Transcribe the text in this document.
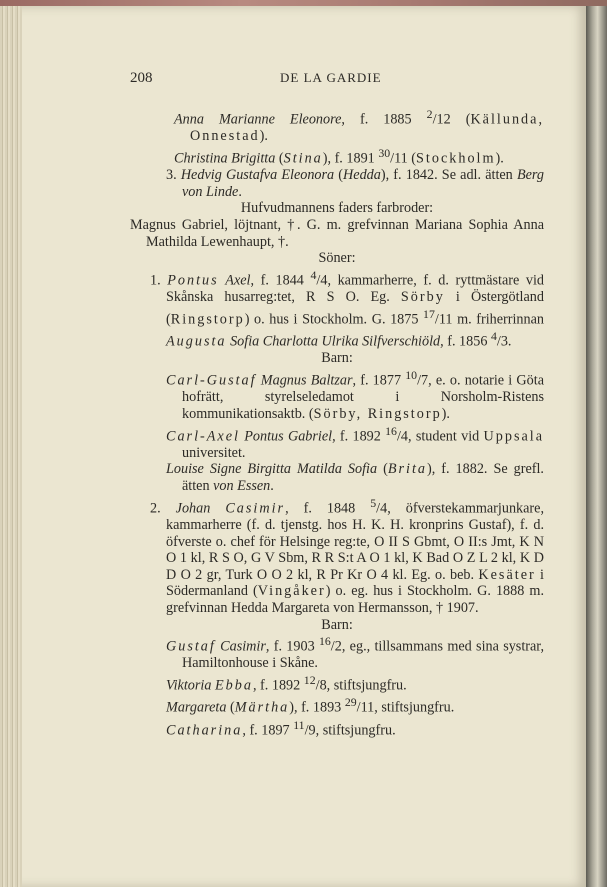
208	DE LA GARDIE
Anna Marianne Eleonore, f. 1885 $^2$/12 (Källunda, Onnestad).
Christina Brigitta (Stina), f. 1891 $^{30}$/11 (Stockholm).
3. Hedvig Gustafva Eleonora (Hedda), f. 1842. Se adl. ätten Berg von Linde.
Hufvudmannens faders farbroder:
Magnus Gabriel, löjtnant, †. G. m. grefvinnan Mariana Sophia Anna Mathilda Lewenhaupt, †.
Söner:
1. Pontus Axel, f. 1844 $^4$/4, kammarherre, f. d. ryttmästare vid Skånska husarreg:tet, R S O. Eg. Sörby i Östergötland (Ringstorp) o. hus i Stockholm. G. 1875 $^{17}$/11 m. friherrinnan Augusta Sofia Charlotta Ulrika Silfverschiöld, f. 1856 $^4$/3.
Barn:
Carl-Gustaf Magnus Baltzar, f. 1877 $^{10}$/7, e. o. notarie i Göta hofrätt, styrelseledamot i Norsholm-Ristens kommunikationsaktb. (Sörby, Ringstorp).
Carl-Axel Pontus Gabriel, f. 1892 $^{16}$/4, student vid Uppsala universitet.
Louise Signe Birgitta Matilda Sofia (Brita), f. 1882. Se grefl. ätten von Essen.
2. Johan Casimir, f. 1848 $^5$/4, öfverstekammarjunkare, kammarherre (f. d. tjenstg. hos H. K. H. kronprins Gustaf), f. d. öfverste o. chef för Helsinge reg:te, O II S Gbmt, O II:s Jmt, K N O 1 kl, R S O, G V Sbm, R R S:t A O 1 kl, K Bad O Z L 2 kl, K D D O 2 gr, Turk O O 2 kl, R Pr Kr O 4 kl. Eg. o. beb. Kesäter i Södermanland (Vingåker) o. eg. hus i Stockholm. G. 1888 m. grefvinnan Hedda Margareta von Hermansson, † 1907.
Barn:
Gustaf Casimir, f. 1903 $^{16}$/2, eg., tillsammans med sina systrar, Hamiltonhouse i Skåne.
Viktoria Ebba, f. 1892 $^{12}$/8, stiftsjungfru.
Margareta (Märtha), f. 1893 $^{29}$/11, stiftsjungfru.
Catharina, f. 1897 $^{11}$/9, stiftsjungfru.
